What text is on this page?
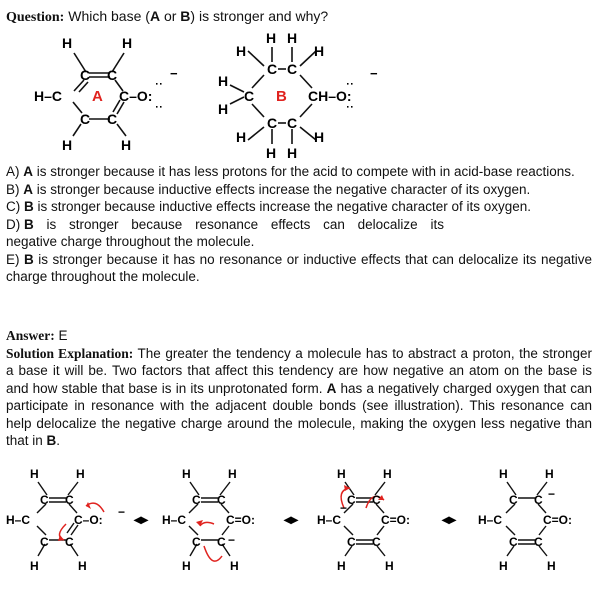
Question: Which base (A or B) is stronger and why?
H	H
C C
H–C A C–O:
−
:
:
C C
H	H
H H
H	H
C C
H
C B CH–O:
−
:
:
H
C C
H	H
H H
A) A is stronger because it has less protons for the acid to compete with in acid-base reactions.
B) A is stronger because inductive effects increase the negative character of its oxygen.
C) B is stronger because inductive effects increase the negative character of its oxygen.
D) B is stronger because resonance effects can delocalize its
negative charge throughout the molecule.
E) B is stronger because it has no resonance or inductive effects that can delocalize its negative charge throughout the molecule.
Answer: E
Solution Explanation: The greater the tendency a molecule has to abstract a proton, the stronger a base it will be. Two factors that affect this tendency are how negative an atom on the base is and how stable that base is in its unprotonated form. A has a negatively charged oxygen that can participate in resonance with the adjacent double bonds (see illustration). This resonance can help delocalize the negative charge around the molecule, making the oxygen less negative than that in B.
H	H
C C
H–C	C–O:
−
C C
H	H
◂▸
H	H
C C
H–C	C=O:
C C −
H	H
◂▸
H	H
C C
H–C
−
C=O:
C C
H	H
◂▸
H	H
C C −
H–C	C=O:
C C
H	H
